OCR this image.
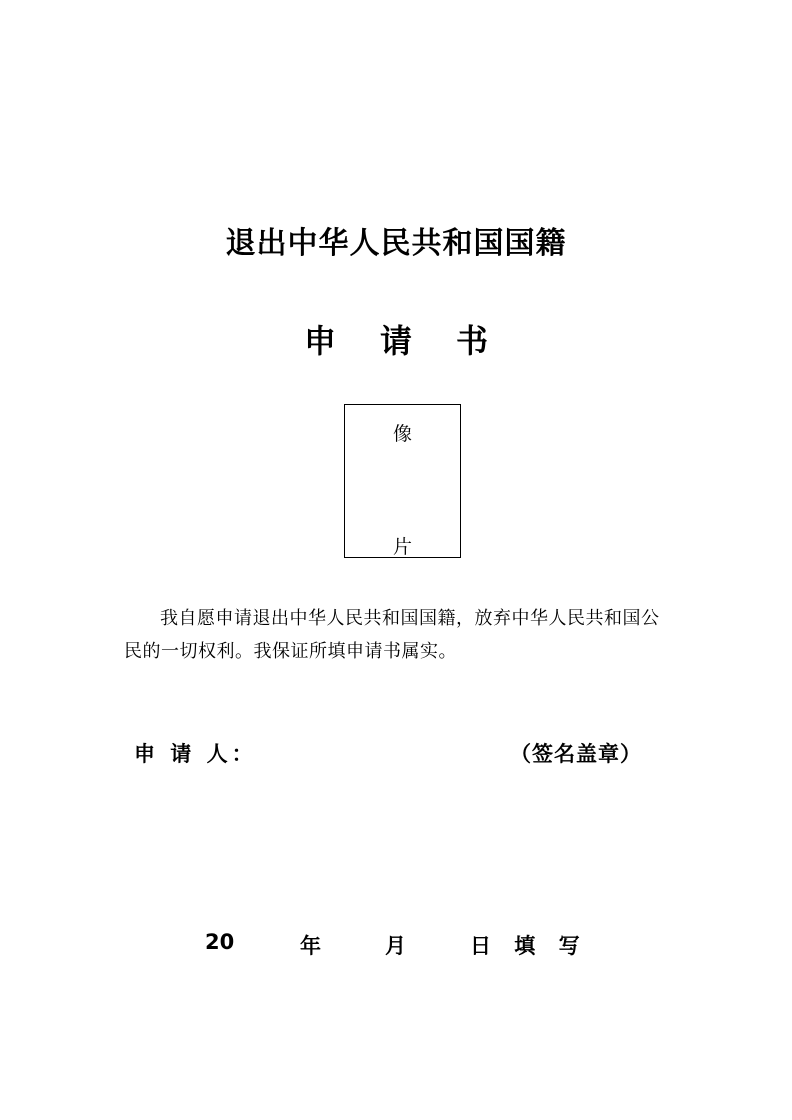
退出中华人民共和国国籍
申 请 书
像
片

我自愿申请退出中华人民共和国国籍，放弃中华人民共和国公民的一切权利。我保证所填申请书属实。

申 请 人：	（签名盖章）
20	年	月	日 填 写
